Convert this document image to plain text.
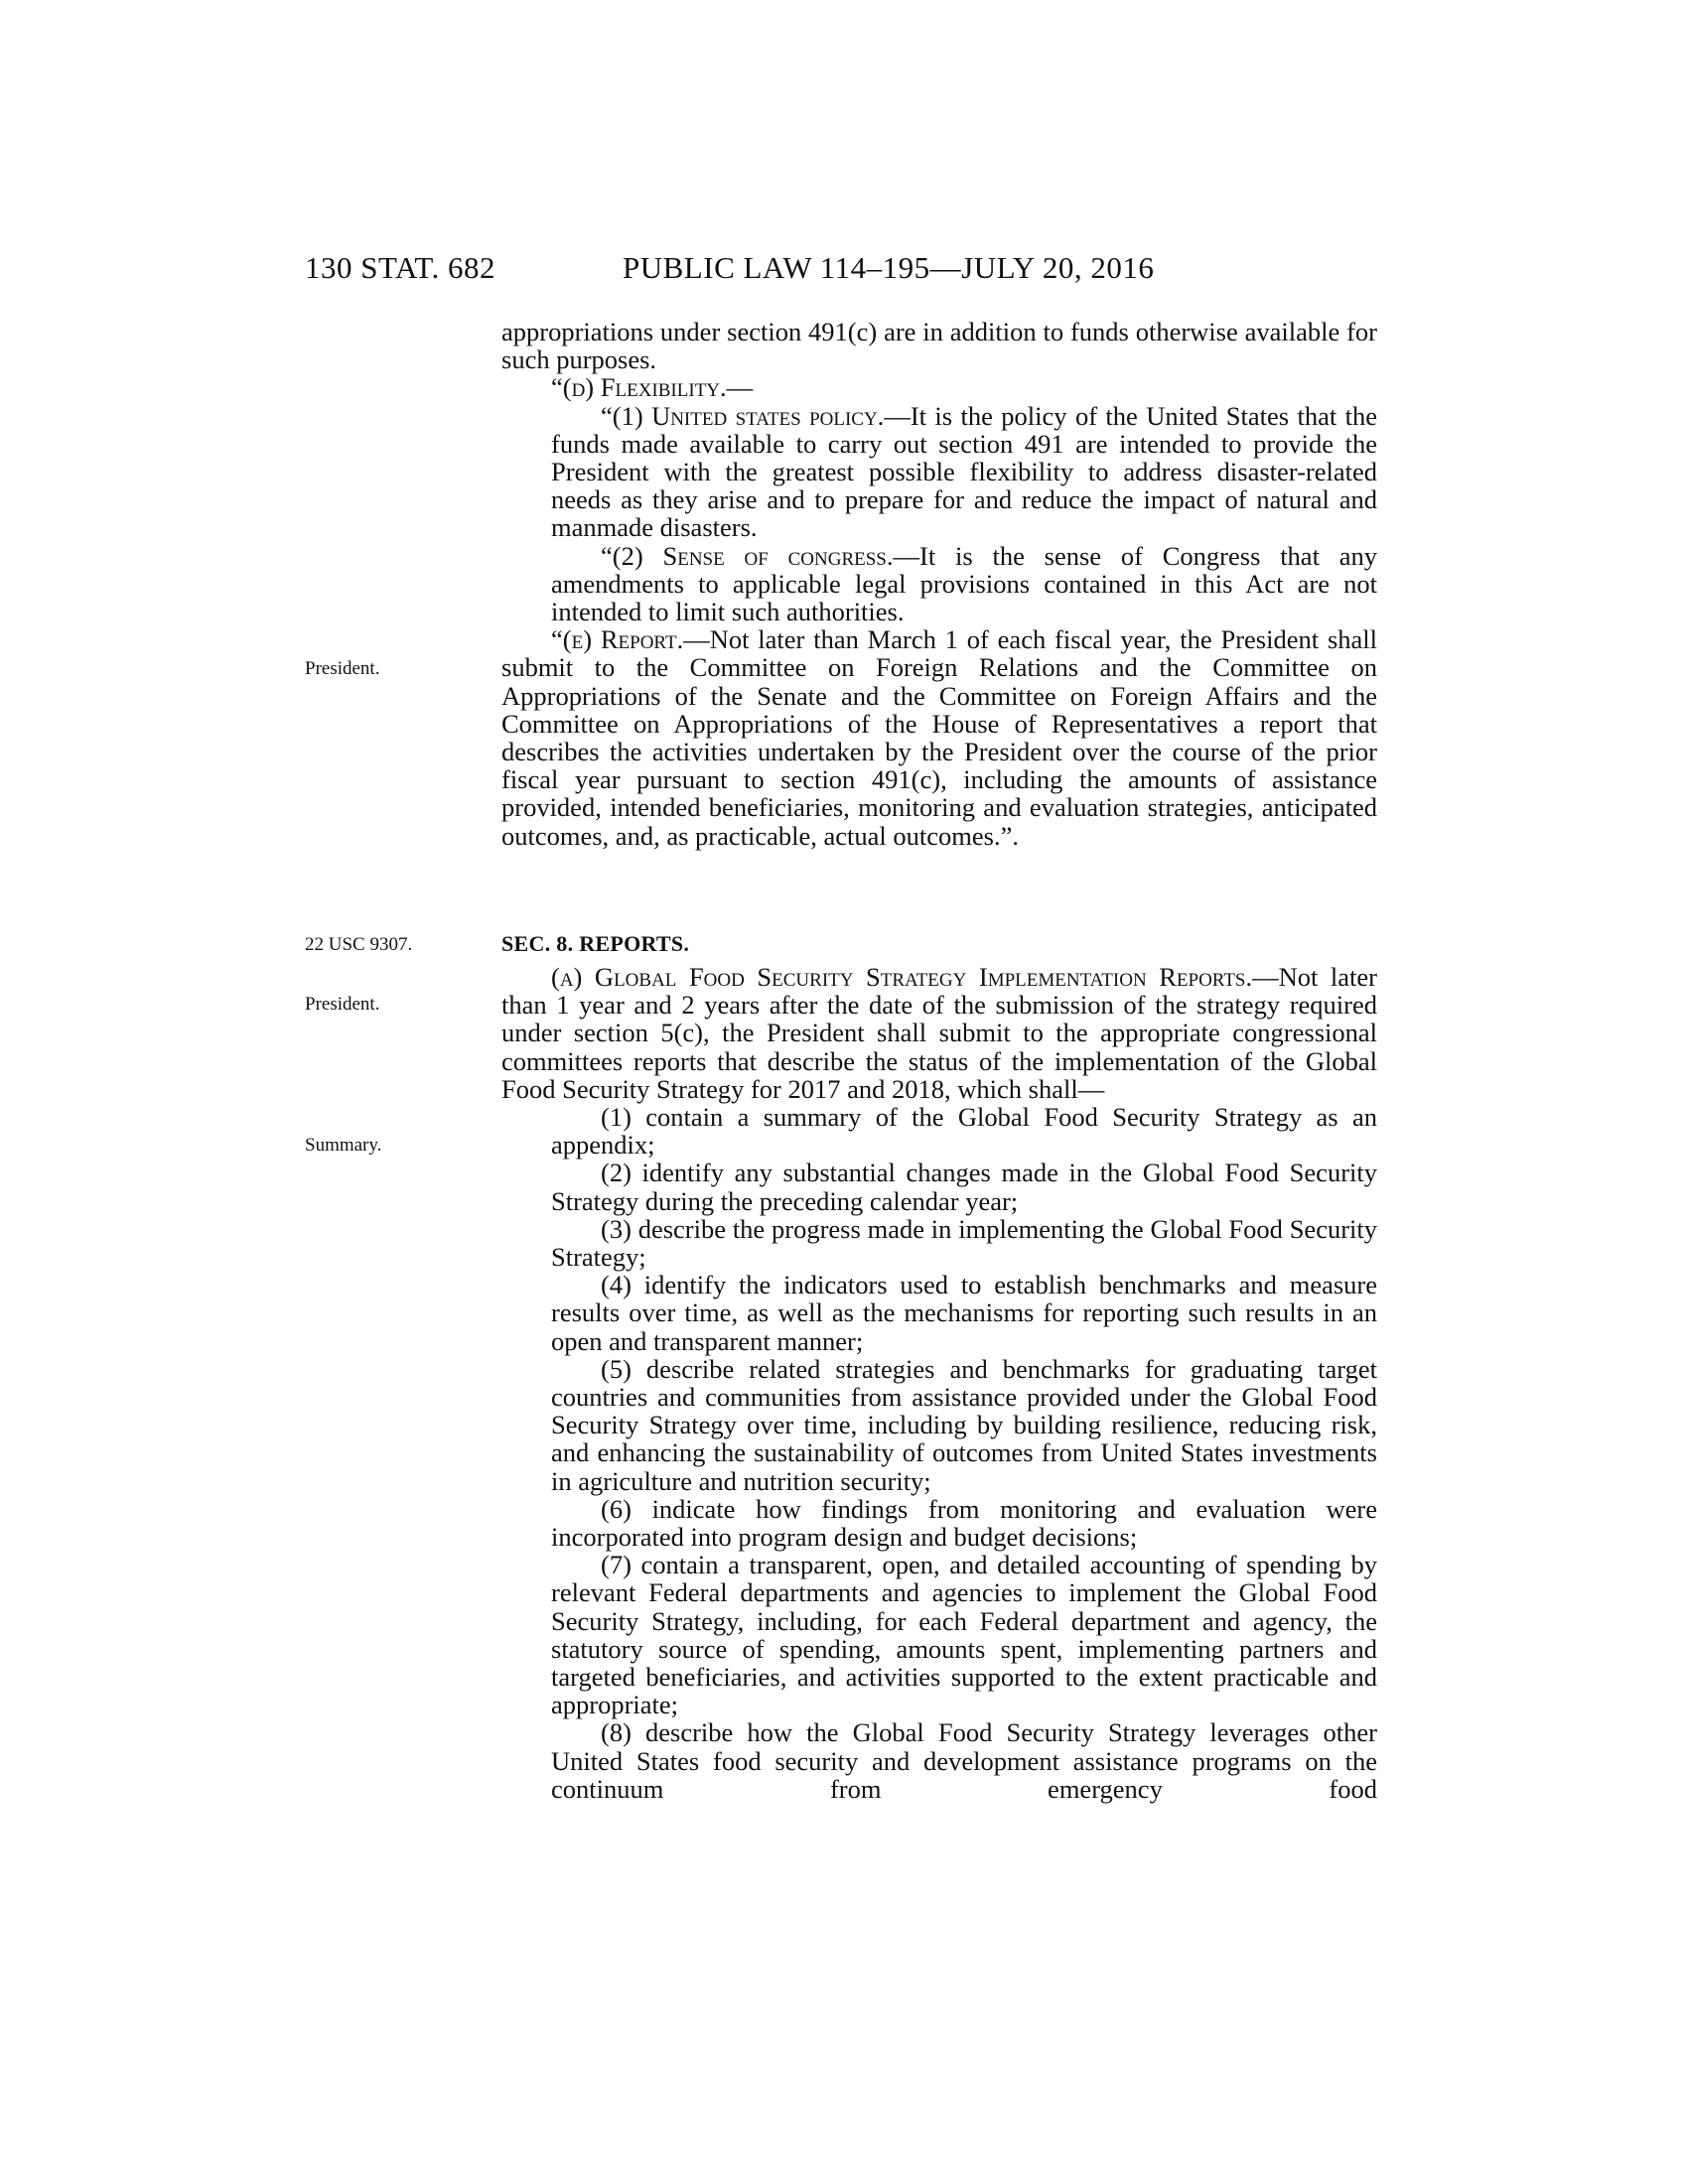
130 STAT. 682	PUBLIC LAW 114–195—JULY 20, 2016
President.
22 USC 9307.
President.
Summary.

appropriations under section 491(c) are in addition to funds otherwise available for such purposes.

“(d) Flexibility.—

“(1) United states policy.—It is the policy of the United States that the funds made available to carry out section 491 are intended to provide the President with the greatest possible flexibility to address disaster-related needs as they arise and to prepare for and reduce the impact of natural and manmade disasters.

“(2) Sense of congress.—It is the sense of Congress that any amendments to applicable legal provisions contained in this Act are not intended to limit such authorities.

“(e) Report.—Not later than March 1 of each fiscal year, the President shall submit to the Committee on Foreign Relations and the Committee on Appropriations of the Senate and the Committee on Foreign Affairs and the Committee on Appropriations of the House of Representatives a report that describes the activities undertaken by the President over the course of the prior fiscal year pursuant to section 491(c), including the amounts of assistance provided, intended beneficiaries, monitoring and evaluation strategies, anticipated outcomes, and, as practicable, actual outcomes.”.

SEC. 8. REPORTS.

(a) Global Food Security Strategy Implementation Reports.—Not later than 1 year and 2 years after the date of the submission of the strategy required under section 5(c), the President shall submit to the appropriate congressional committees reports that describe the status of the implementation of the Global Food Security Strategy for 2017 and 2018, which shall—

(1) contain a summary of the Global Food Security Strategy as an appendix;

(2) identify any substantial changes made in the Global Food Security Strategy during the preceding calendar year;

(3) describe the progress made in implementing the Global Food Security Strategy;

(4) identify the indicators used to establish benchmarks and measure results over time, as well as the mechanisms for reporting such results in an open and transparent manner;

(5) describe related strategies and benchmarks for graduating target countries and communities from assistance provided under the Global Food Security Strategy over time, including by building resilience, reducing risk, and enhancing the sustainability of outcomes from United States investments in agriculture and nutrition security;

(6) indicate how findings from monitoring and evaluation were incorporated into program design and budget decisions;

(7) contain a transparent, open, and detailed accounting of spending by relevant Federal departments and agencies to implement the Global Food Security Strategy, including, for each Federal department and agency, the statutory source of spending, amounts spent, implementing partners and targeted beneficiaries, and activities supported to the extent practicable and appropriate;

(8) describe how the Global Food Security Strategy leverages other United States food security and development assistance programs on the continuum from emergency food
